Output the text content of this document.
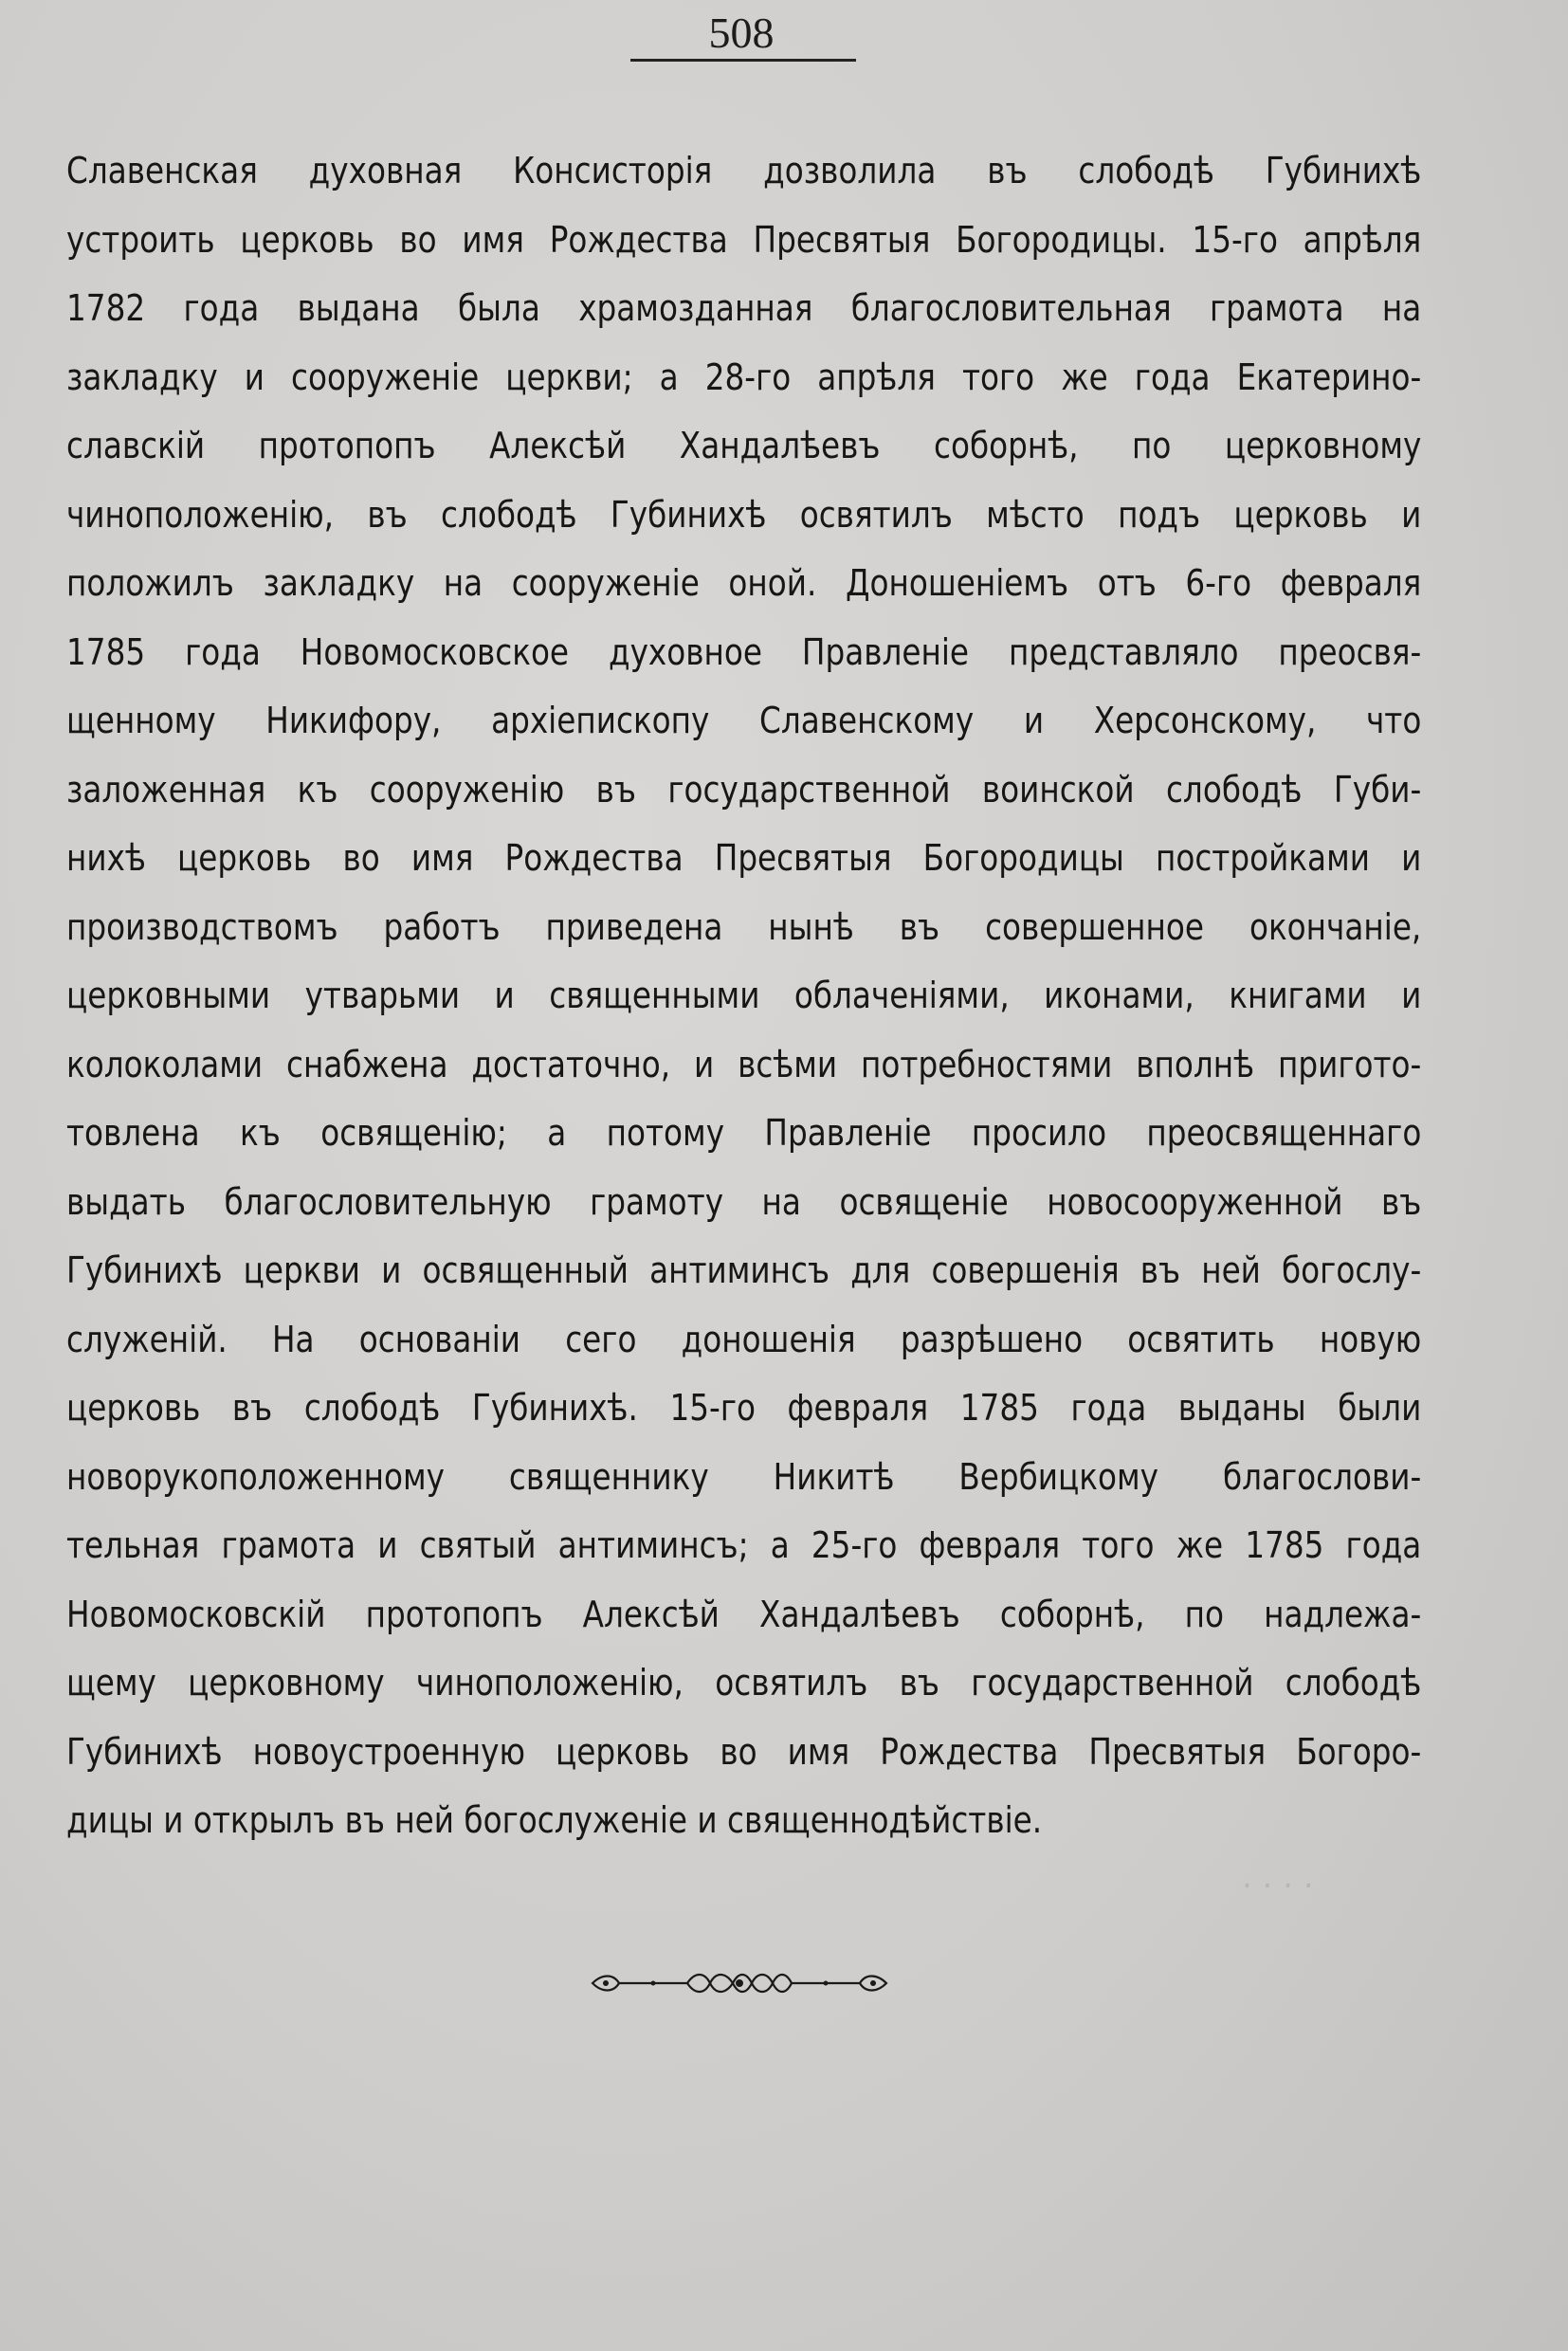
. . . .
508
Славенская духовная Консисторія дозволила въ слободѣ Губинихѣ
устроить церковь во имя Рождества Пресвятыя Богородицы. 15-го апрѣля
1782 года выдана была храмозданная благословительная грамота на
закладку и сооруженіе церкви; а 28-го апрѣля того же года Екатерино-
славскій протопопъ Алексѣй Хандалѣевъ соборнѣ, по церковному
чиноположенію, въ слободѣ Губинихѣ освятилъ мѣсто подъ церковь и
положилъ закладку на сооруженіе оной. Доношеніемъ отъ 6-го февраля
1785 года Новомосковское духовное Правленіе представляло преосвя-
щенному Никифору, архіепископу Славенскому и Херсонскому, что
заложенная къ сооруженію въ государственной воинской слободѣ Губи-
нихѣ церковь во имя Рождества Пресвятыя Богородицы постройками и
производствомъ работъ приведена нынѣ въ совершенное окончаніе,
церковными утварьми и священными облаченіями, иконами, книгами и
колоколами снабжена достаточно, и всѣми потребностями вполнѣ пригото-
товлена къ освященію; а потому Правленіе просило преосвященнаго
выдать благословительную грамоту на освященіе новосооруженной въ
Губинихѣ церкви и освященный антиминсъ для совершенія въ ней богослу-
служеній. На основаніи сего доношенія разрѣшено освятить новую
церковь въ слободѣ Губинихѣ. 15-го февраля 1785 года выданы были
новорукоположенному священнику Никитѣ Вербицкому благослови-
тельная грамота и святый антиминсъ; а 25-го февраля того же 1785 года
Новомосковскій протопопъ Алексѣй Хандалѣевъ соборнѣ, по надлежа-
щему церковному чиноположенію, освятилъ въ государственной слободѣ
Губинихѣ новоустроенную церковь во имя Рождества Пресвятыя Богоро-
дицы и открылъ въ ней богослуженіе и священнодѣйствіе.
